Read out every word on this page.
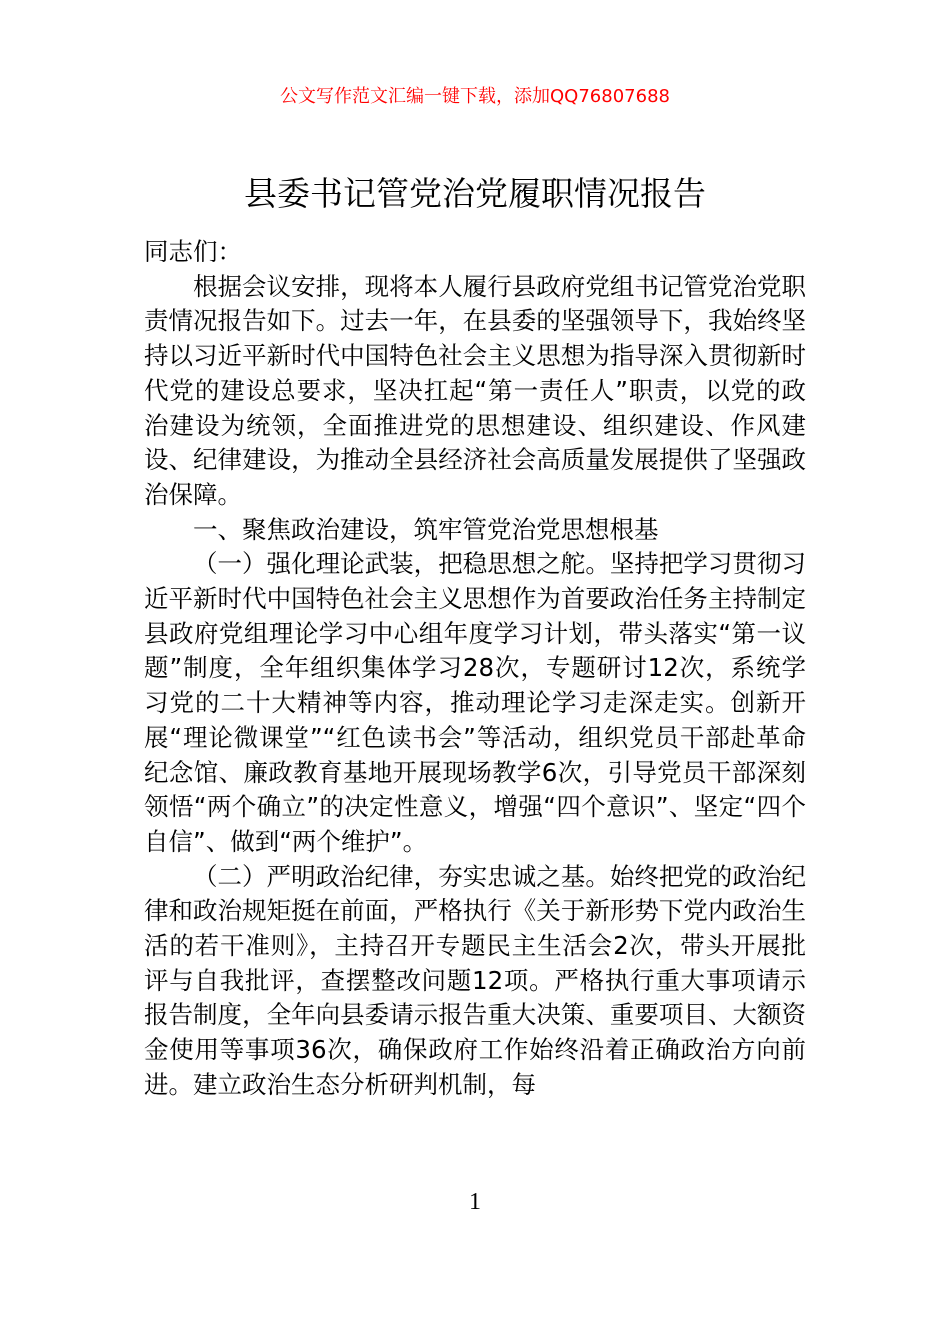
公文写作范文汇编一键下载，添加QQ76807688
县委书记管党治党履职情况报告

同志们：

根据会议安排，现将本人履行县政府党组书记管党治党职责情况报告如下。过去一年，在县委的坚强领导下，我始终坚持以习近平新时代中国特色社会主义思想为指导深入贯彻新时代党的建设总要求，坚决扛起“第一责任人”职责，以党的政治建设为统领，全面推进党的思想建设、组织建设、作风建设、纪律建设，为推动全县经济社会高质量发展提供了坚强政治保障。

一、聚焦政治建设，筑牢管党治党思想根基

（一）强化理论武装，把稳思想之舵。坚持把学习贯彻习近平新时代中国特色社会主义思想作为首要政治任务主持制定县政府党组理论学习中心组年度学习计划，带头落实“第一议题”制度，全年组织集体学习28次，专题研讨12次，系统学习党的二十大精神等内容，推动理论学习走深走实。创新开展“理论微课堂”“红色读书会”等活动，组织党员干部赴革命纪念馆、廉政教育基地开展现场教学6次，引导党员干部深刻领悟“两个确立”的决定性意义，增强“四个意识”、坚定“四个自信”、做到“两个维护”。

（二）严明政治纪律，夯实忠诚之基。始终把党的政治纪律和政治规矩挺在前面，严格执行《关于新形势下党内政治生活的若干准则》，主持召开专题民主生活会2次，带头开展批评与自我批评，查摆整改问题12项。严格执行重大事项请示报告制度，全年向县委请示报告重大决策、重要项目、大额资金使用等事项36次，确保政府工作始终沿着正确政治方向前进。建立政治生态分析研判机制，每

1
